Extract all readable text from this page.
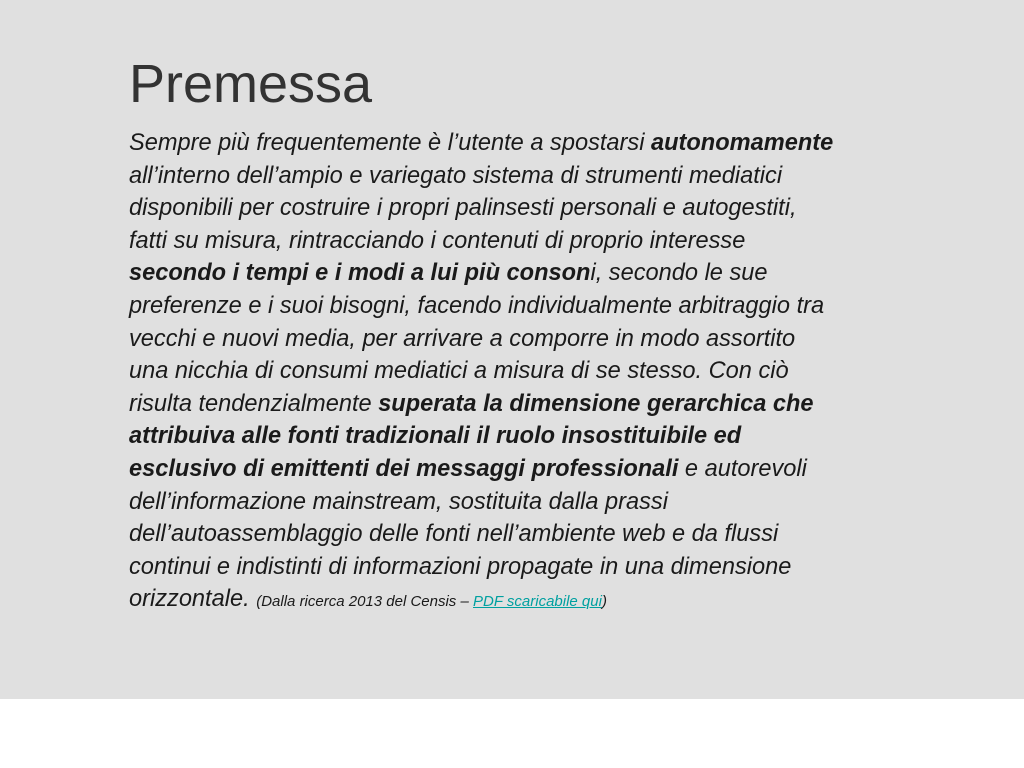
Premessa

Sempre più frequentemente è l’utente a spostarsi autonomamente all’interno dell’ampio e variegato sistema di strumenti mediatici disponibili per costruire i propri palinsesti personali e autogestiti, fatti su misura, rintracciando i contenuti di proprio interesse secondo i tempi e i modi a lui più consoni, secondo le sue preferenze e i suoi bisogni, facendo individualmente arbitraggio tra vecchi e nuovi media, per arrivare a comporre in modo assortito una nicchia di consumi mediatici a misura di se stesso. Con ciò risulta tendenzialmente superata la dimensione gerarchica che attribuiva alle fonti tradizionali il ruolo insostituibile ed esclusivo di emittenti dei messaggi professionali e autorevoli dell’informazione mainstream, sostituita dalla prassi dell’autoassemblaggio delle fonti nell’ambiente web e da flussi continui e indistinti di informazioni propagate in una dimensione orizzontale. (Dalla ricerca 2013 del Censis – PDF scaricabile qui)
